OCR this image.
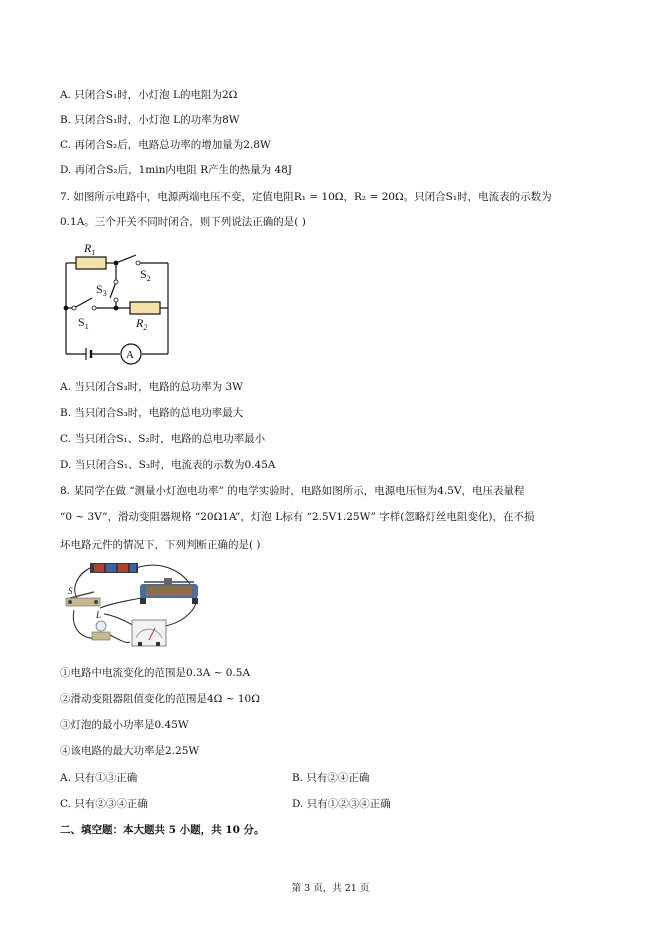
A. 只闭合S₁时，小灯泡 L的电阻为2Ω
B. 只闭合S₁时，小灯泡 L的功率为8W
C. 再闭合S₂后，电路总功率的增加量为2.8W
D. 再闭合S₂后，1min内电阻 R产生的热量为 48J
7. 如图所示电路中，电源两端电压不变，定值电阻R₁ = 10Ω，R₂ = 20Ω。只闭合S₁时，电流表的示数为
0.1A。三个开关不同时闭合，则下列说法正确的是( )
$R_1$
$S_2$
$S_3$
$S_1$	$R_2$
A
A. 当只闭合S₃时，电路的总功率为 3W
B. 当只闭合S₃时，电路的总电功率最大
C. 当只闭合S₁、S₂时，电路的总电功率最小
D. 当只闭合S₁、S₃时，电流表的示数为0.45A
8. 某同学在做 “测量小灯泡电功率” 的电学实验时，电路如图所示，电源电压恒为4.5V，电压表量程
“0 ~ 3V”，滑动变阻器规格 “20Ω1A”，灯泡 L标有 “2.5V1.25W” 字样(忽略灯丝电阻变化)，在不损
坏电路元件的情况下，下列判断正确的是( )
S
L
①电路中电流变化的范围是0.3A ~ 0.5A
②滑动变阻器阻值变化的范围是4Ω ~ 10Ω
③灯泡的最小功率是0.45W
④该电路的最大功率是2.25W
A. 只有①③正确	B. 只有②④正确
C. 只有②③④正确	D. 只有①②③④正确
二、填空题：本大题共 5 小题，共 10 分。
第 3 页，共 21 页
